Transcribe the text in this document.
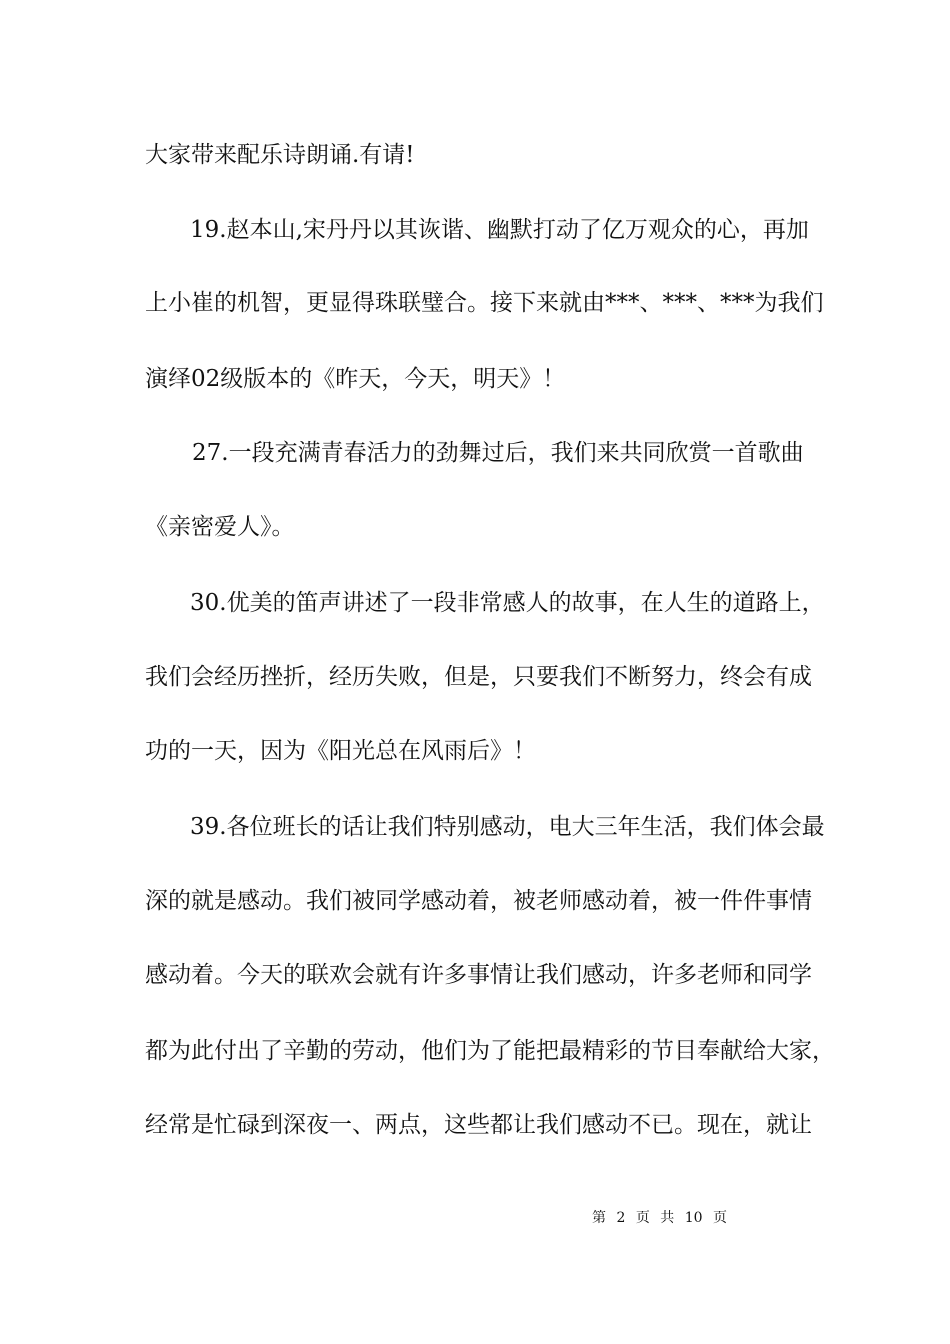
大家带来配乐诗朗诵.有请!

19.赵本山,宋丹丹以其诙谐、幽默打动了亿万观众的心，再加

上小崔的机智，更显得珠联璧合。接下来就由***、***、***为我们

演绎02级版本的《昨天，今天，明天》！

27.一段充满青春活力的劲舞过后，我们来共同欣赏一首歌曲

《亲密爱人》。

30.优美的笛声讲述了一段非常感人的故事，在人生的道路上，

我们会经历挫折，经历失败，但是，只要我们不断努力，终会有成

功的一天，因为《阳光总在风雨后》！

39.各位班长的话让我们特别感动，电大三年生活，我们体会最

深的就是感动。我们被同学感动着，被老师感动着，被一件件事情

感动着。今天的联欢会就有许多事情让我们感动，许多老师和同学

都为此付出了辛勤的劳动，他们为了能把最精彩的节目奉献给大家，

经常是忙碌到深夜一、两点，这些都让我们感动不已。现在，就让

第 2 页 共 10 页
